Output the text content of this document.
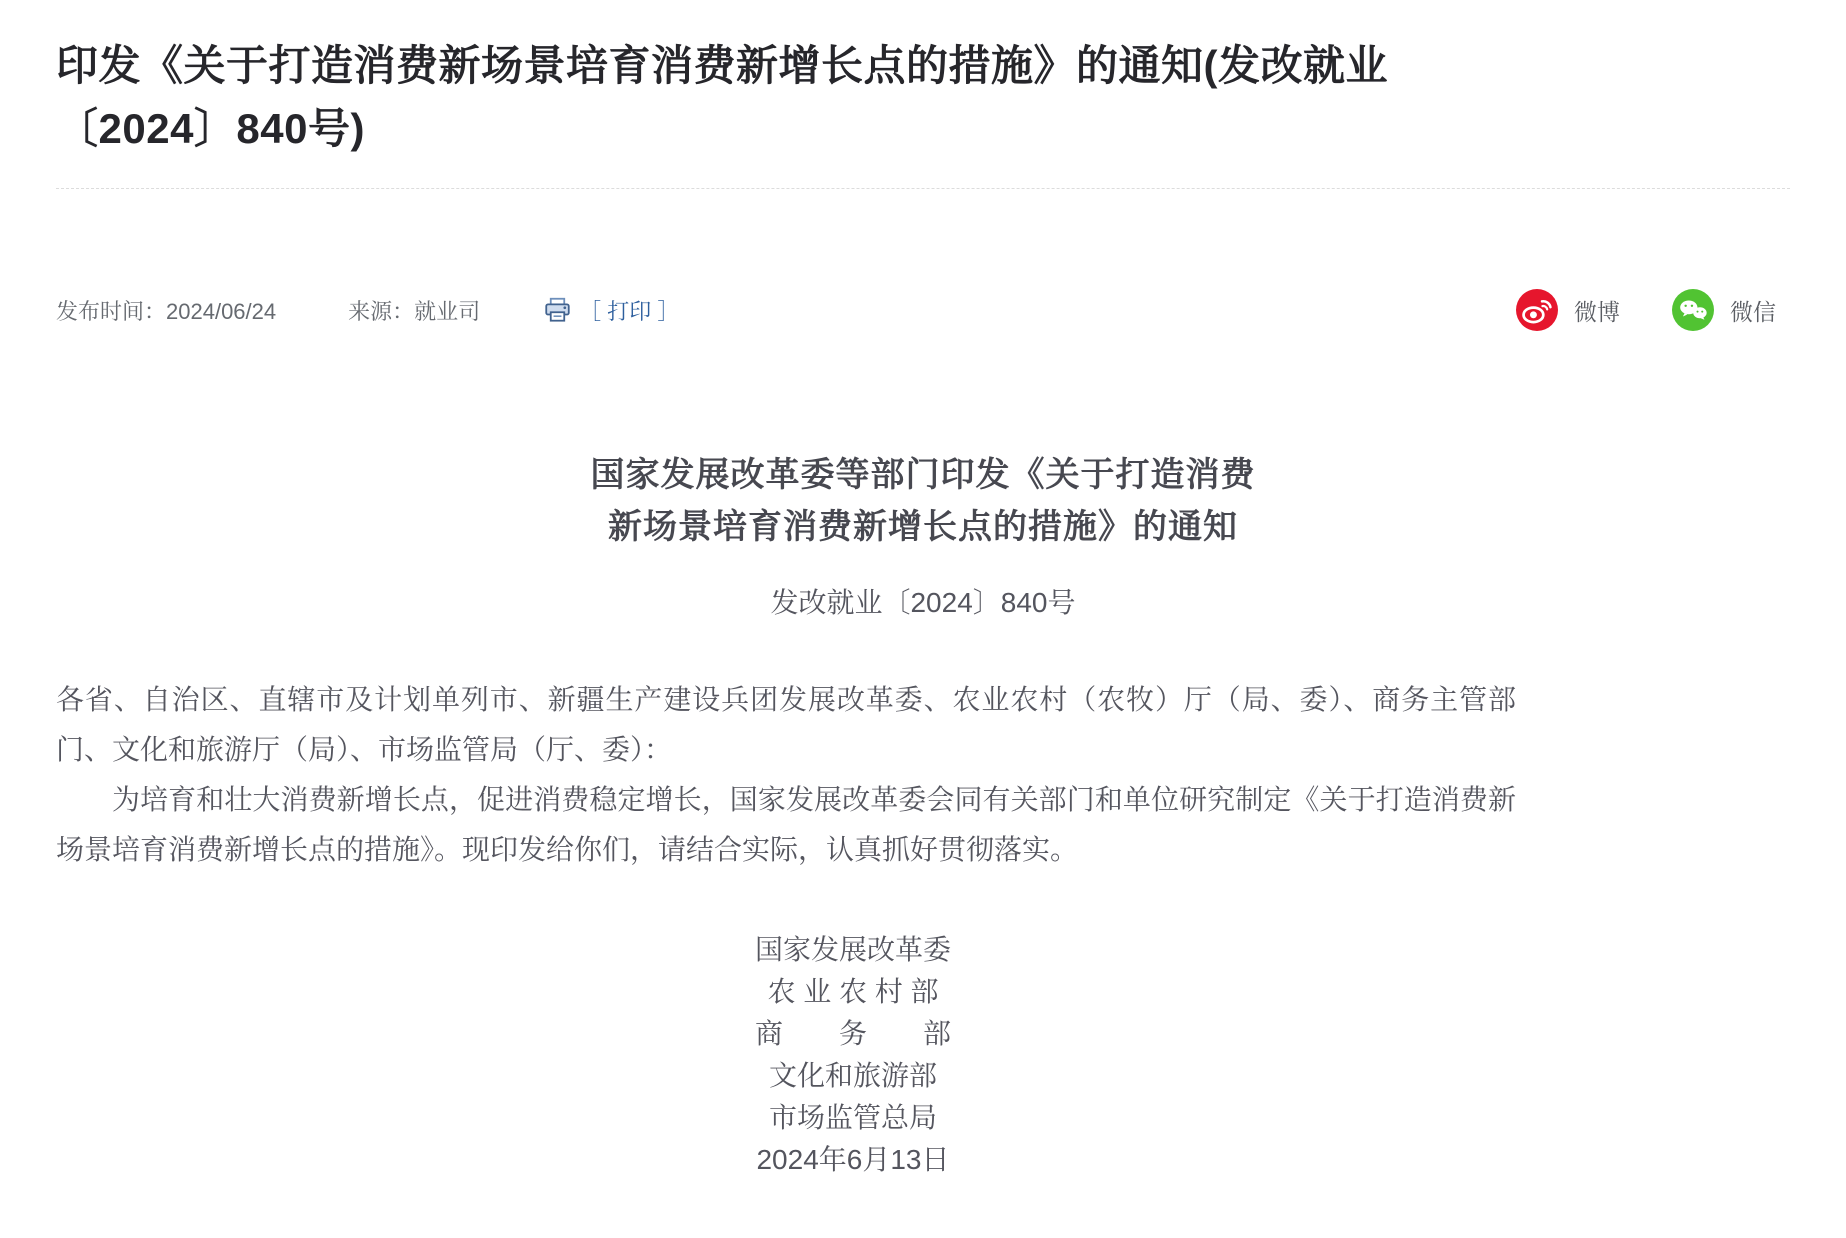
印发《关于打造消费新场景培育消费新增长点的措施》的通知(发改就业〔2024〕840号)
发布时间：2024/06/24	来源：就业司	［ 打印 ］	微博	微信
国家发展改革委等部门印发《关于打造消费
新场景培育消费新增长点的措施》的通知
发改就业〔2024〕840号

各省、自治区、直辖市及计划单列市、新疆生产建设兵团发展改革委、农业农村（农牧）厅（局、委）、商务主管部门、文化和旅游厅（局）、市场监管局（厅、委）：

为培育和壮大消费新增长点，促进消费稳定增长，国家发展改革委会同有关部门和单位研究制定《关于打造消费新场景培育消费新增长点的措施》。现印发给你们，请结合实际，认真抓好贯彻落实。

国家发展改革委
农 业 农 村 部
商　　务　　部
文化和旅游部
市场监管总局
2024年6月13日
